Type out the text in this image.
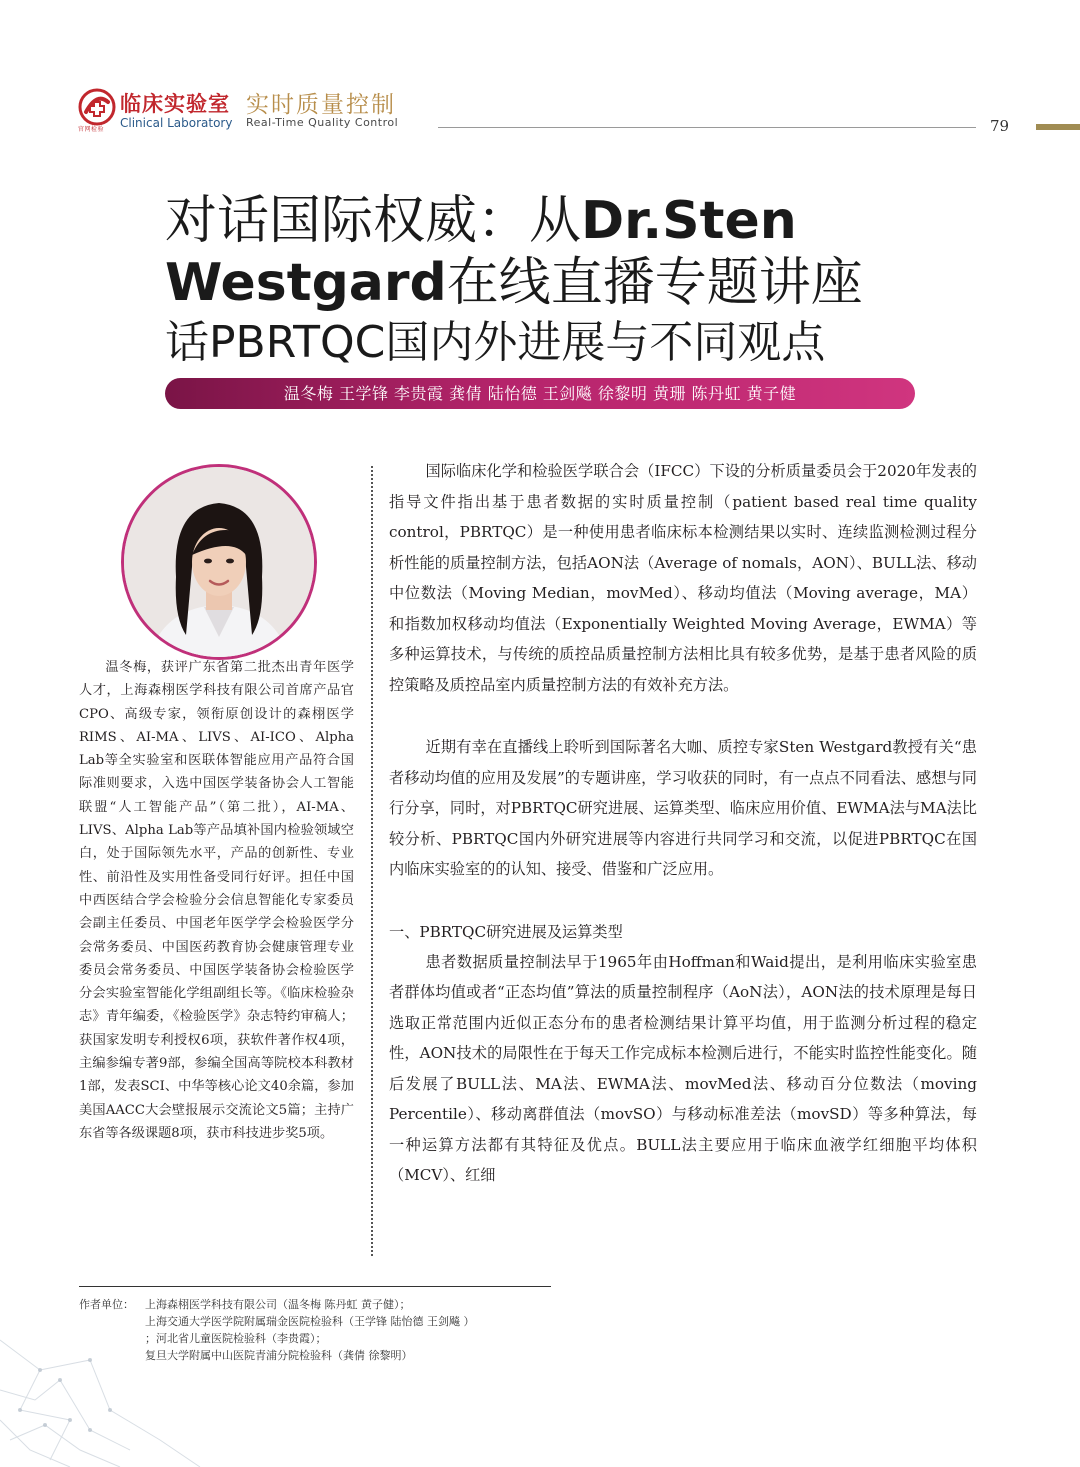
官网检验
临床实验室 实时质量控制
Clinical Laboratory Real-Time Quality Control	79
对话国际权威：从Dr.Sten
Westgard在线直播专题讲座
话PBRTQC国内外进展与不同观点
温冬梅 王学锋 李贵霞 龚倩 陆怡德 王剑飚 徐黎明 黄珊 陈丹虹 黄子健
温冬梅，获评广东省第二批杰出青年医学人才，上海森栩医学科技有限公司首席产品官CPO、高级专家，领衔原创设计的森栩医学RIMS、AI-MA、LIVS、AI-ICO、Alpha Lab等全实验室和医联体智能应用产品符合国际准则要求，入选中国医学装备协会人工智能联盟“人工智能产品”（第二批），AI-MA、LIVS、Alpha Lab等产品填补国内检验领域空白，处于国际领先水平，产品的创新性、专业性、前沿性及实用性备受同行好评。担任中国中西医结合学会检验分会信息智能化专家委员会副主任委员、中国老年医学学会检验医学分会常务委员、中国医药教育协会健康管理专业委员会常务委员、中国医学装备协会检验医学分会实验室智能化学组副组长等。《临床检验杂志》青年编委，《检验医学》杂志特约审稿人；获国家发明专利授权6项，获软件著作权4项，主编参编专著9部，参编全国高等院校本科教材1部，发表SCI、中华等核心论文40余篇，参加美国AACC大会壁报展示交流论文5篇；主持广东省等各级课题8项，获市科技进步奖5项。

国际临床化学和检验医学联合会（IFCC）下设的分析质量委员会于2020年发表的指导文件指出基于患者数据的实时质量控制（patient based real time quality control，PBRTQC）是一种使用患者临床标本检测结果以实时、连续监测检测过程分析性能的质量控制方法，包括AON法（Average of nomals，AON）、BULL法、移动中位数法（Moving Median，movMed）、移动均值法（Moving average，MA）和指数加权移动均值法（Exponentially Weighted Moving Average，EWMA）等多种运算技术，与传统的质控品质量控制方法相比具有较多优势，是基于患者风险的质控策略及质控品室内质量控制方法的有效补充方法。

近期有幸在直播线上聆听到国际著名大咖、质控专家Sten Westgard教授有关“患者移动均值的应用及发展”的专题讲座，学习收获的同时，有一点点不同看法、感想与同行分享，同时，对PBRTQC研究进展、运算类型、临床应用价值、EWMA法与MA法比较分析、PBRTQC国内外研究进展等内容进行共同学习和交流，以促进PBRTQC在国内临床实验室的的认知、接受、借鉴和广泛应用。

一、PBRTQC研究进展及运算类型

患者数据质量控制法早于1965年由Hoffman和Waid提出，是利用临床实验室患者群体均值或者“正态均值”算法的质量控制程序（AoN法），AON法的技术原理是每日选取正常范围内近似正态分布的患者检测结果计算平均值，用于监测分析过程的稳定性，AON技术的局限性在于每天工作完成标本检测后进行，不能实时监控性能变化。随后发展了BULL法、MA法、EWMA法、movMed法、移动百分位数法（moving Percentile）、移动离群值法（movSO）与移动标准差法（movSD）等多种算法，每一种运算方法都有其特征及优点。BULL法主要应用于临床血液学红细胞平均体积（MCV）、红细

作者单位： 上海森栩医学科技有限公司（温冬梅 陈丹虹 黄子健）；
上海交通大学医学院附属瑞金医院检验科（王学锋 陆怡德 王剑飚 ）
；河北省儿童医院检验科（李贵霞）；
复旦大学附属中山医院青浦分院检验科（龚倩 徐黎明）
